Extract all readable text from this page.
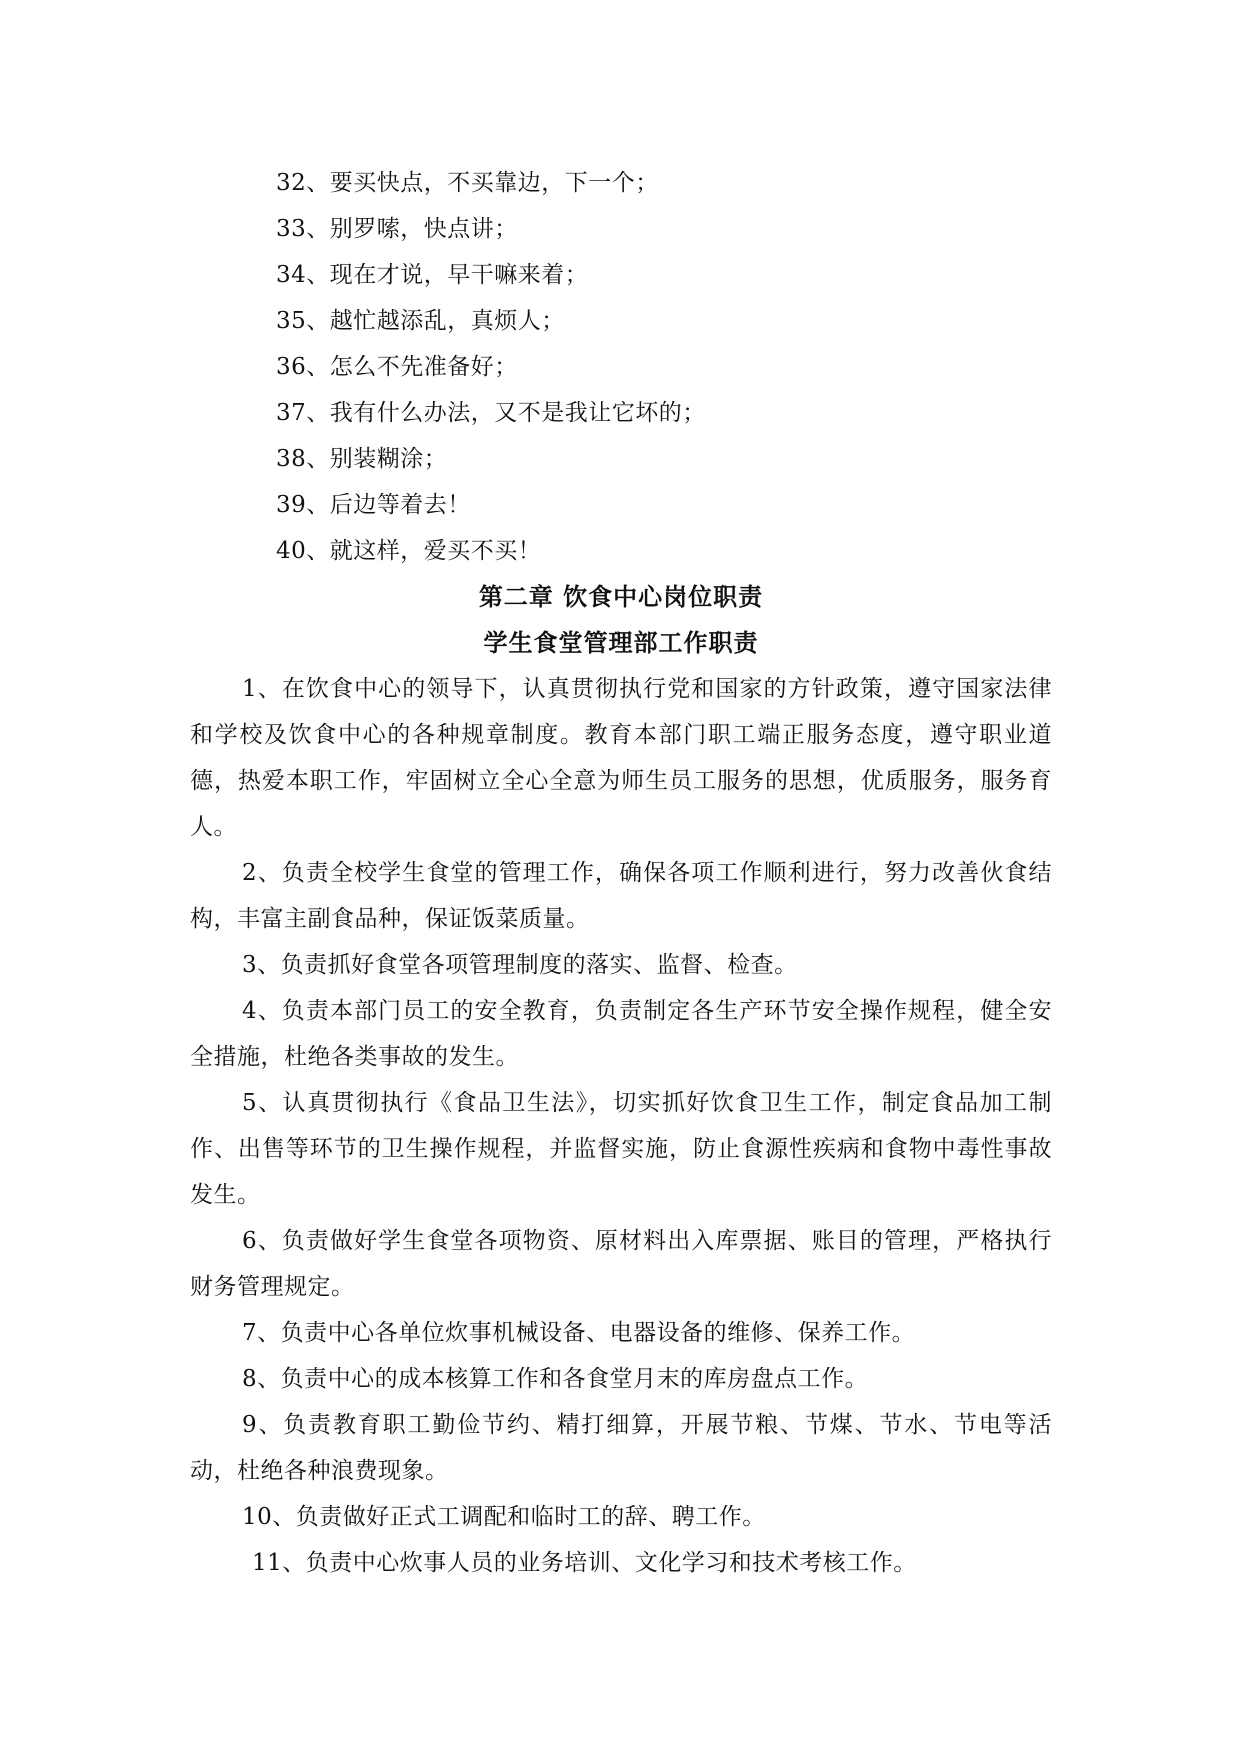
32、要买快点，不买靠边，下一个；
33、别罗嗦，快点讲；
34、现在才说，早干嘛来着；
35、越忙越添乱，真烦人；
36、怎么不先准备好；
37、我有什么办法，又不是我让它坏的；
38、别装糊涂；
39、后边等着去！
40、就这样，爱买不买！
第二章 饮食中心岗位职责
学生食堂管理部工作职责
1、在饮食中心的领导下，认真贯彻执行党和国家的方针政策，遵守国家法律和学校及饮食中心的各种规章制度。教育本部门职工端正服务态度，遵守职业道德，热爱本职工作，牢固树立全心全意为师生员工服务的思想，优质服务，服务育人。
2、负责全校学生食堂的管理工作，确保各项工作顺利进行，努力改善伙食结构，丰富主副食品种，保证饭菜质量。
3、负责抓好食堂各项管理制度的落实、监督、检查。
4、负责本部门员工的安全教育，负责制定各生产环节安全操作规程，健全安全措施，杜绝各类事故的发生。
5、认真贯彻执行《食品卫生法》，切实抓好饮食卫生工作，制定食品加工制作、出售等环节的卫生操作规程，并监督实施，防止食源性疾病和食物中毒性事故发生。
6、负责做好学生食堂各项物资、原材料出入库票据、账目的管理，严格执行财务管理规定。
7、负责中心各单位炊事机械设备、电器设备的维修、保养工作。
8、负责中心的成本核算工作和各食堂月末的库房盘点工作。
9、负责教育职工勤俭节约、精打细算，开展节粮、节煤、节水、节电等活动，杜绝各种浪费现象。
10、负责做好正式工调配和临时工的辞、聘工作。
11、负责中心炊事人员的业务培训、文化学习和技术考核工作。
